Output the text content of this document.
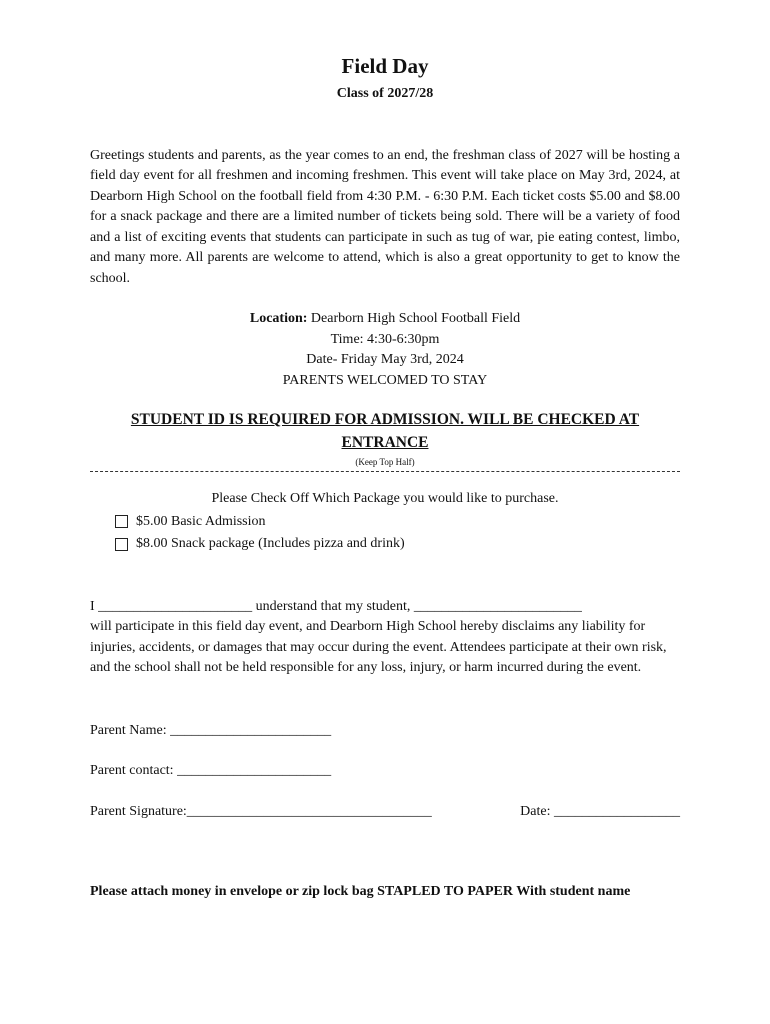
Field Day
Class of 2027/28
Greetings students and parents, as the year comes to an end, the freshman class of 2027 will be hosting a field day event for all freshmen and incoming freshmen. This event will take place on May 3rd, 2024, at Dearborn High School on the football field from 4:30 P.M. - 6:30 P.M. Each ticket costs $5.00 and $8.00 for a snack package and there are a limited number of tickets being sold. There will be a variety of food and a list of exciting events that students can participate in such as tug of war, pie eating contest, limbo, and many more. All parents are welcome to attend, which is also a great opportunity to get to know the school.
Location: Dearborn High School Football Field
Time: 4:30-6:30pm
Date- Friday May 3rd, 2024
PARENTS WELCOMED TO STAY
STUDENT ID IS REQUIRED FOR ADMISSION. WILL BE CHECKED AT ENTRANCE
(Keep Top Half)
Please Check Off Which Package you would like to purchase.
$5.00 Basic Admission
$8.00 Snack package (Includes pizza and drink)

I ______________________ understand that my student, ________________________

will participate in this field day event, and Dearborn High School hereby disclaims any liability for injuries, accidents, or damages that may occur during the event. Attendees participate at their own risk, and the school shall not be held responsible for any loss, injury, or harm incurred during the event.

Parent Name: _______________________
Parent contact: ______________________
Parent Signature:___________________________________	Date: __________________
Please attach money in envelope or zip lock bag STAPLED TO PAPER With student name
